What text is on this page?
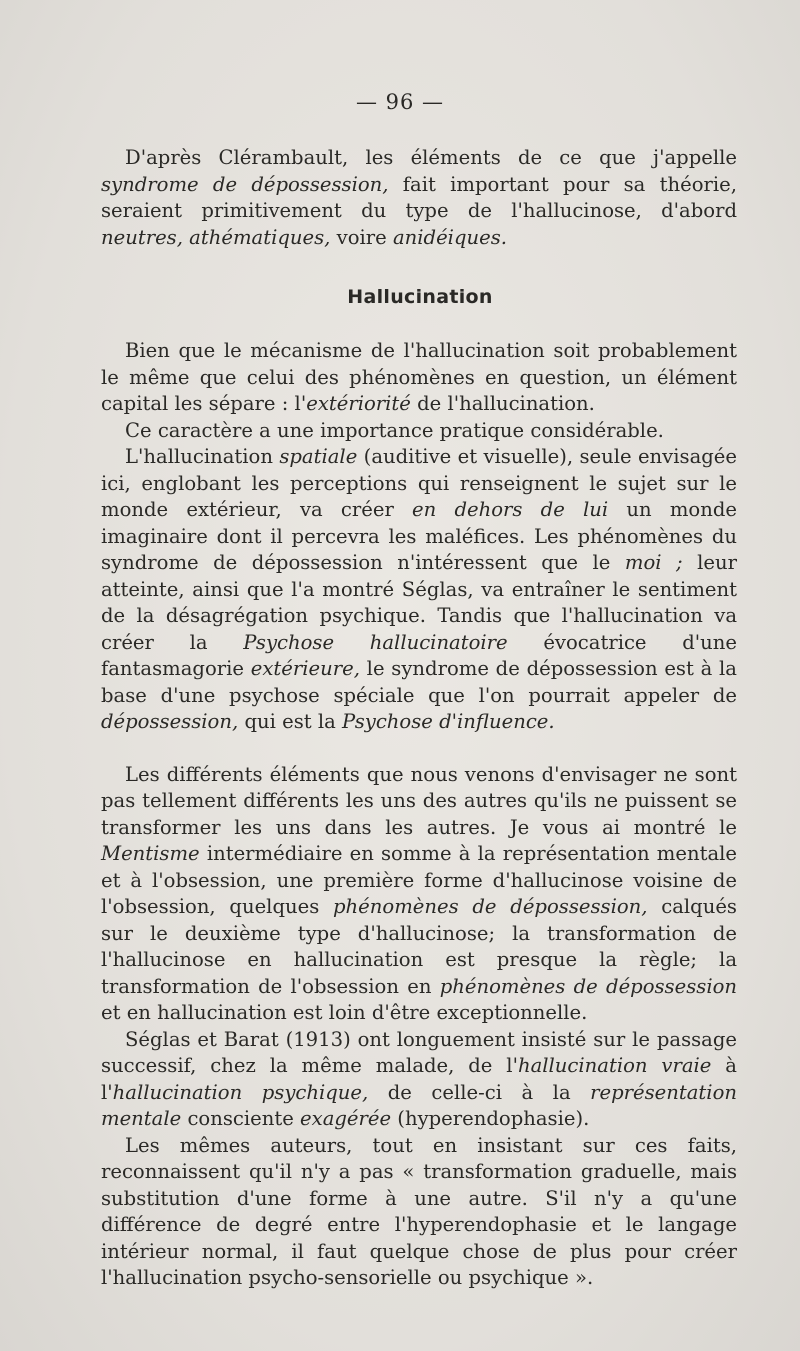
— 96 —

D'après Clérambault, les éléments de ce que j'appelle syndrome de dépossession, fait important pour sa théorie, seraient primitivement du type de l'hallucinose, d'abord neutres, athématiques, voire anidéiques.

Hallucination

Bien que le mécanisme de l'hallucination soit probablement le même que celui des phénomènes en question, un élément capital les sépare : l'extériorité de l'hallucination.

Ce caractère a une importance pratique considérable.

L'hallucination spatiale (auditive et visuelle), seule envisagée ici, englobant les perceptions qui renseignent le sujet sur le monde extérieur, va créer en dehors de lui un monde imaginaire dont il percevra les maléfices. Les phénomènes du syndrome de dépossession n'intéressent que le moi ; leur atteinte, ainsi que l'a montré Séglas, va entraîner le sentiment de la désagrégation psychique. Tandis que l'hallucination va créer la Psychose hallucinatoire évocatrice d'une fantasmagorie extérieure, le syndrome de dépossession est à la base d'une psychose spéciale que l'on pourrait appeler de dépossession, qui est la Psychose d'influence.

Les différents éléments que nous venons d'envisager ne sont pas tellement différents les uns des autres qu'ils ne puissent se transformer les uns dans les autres. Je vous ai montré le Mentisme intermédiaire en somme à la représentation mentale et à l'obsession, une première forme d'hallucinose voisine de l'obsession, quelques phénomènes de dépossession, calqués sur le deuxième type d'hallucinose; la transformation de l'hallucinose en hallucination est presque la règle; la transformation de l'obsession en phénomènes de dépossession et en hallucination est loin d'être exceptionnelle.

Séglas et Barat (1913) ont longuement insisté sur le passage successif, chez la même malade, de l'hallucination vraie à l'hallucination psychique, de celle-ci à la représentation mentale consciente exagérée (hyperendophasie).

Les mêmes auteurs, tout en insistant sur ces faits, reconnaissent qu'il n'y a pas « transformation graduelle, mais substitution d'une forme à une autre. S'il n'y a qu'une différence de degré entre l'hyperendophasie et le langage intérieur normal, il faut quelque chose de plus pour créer l'hallucination psycho-sensorielle ou psychique ».
